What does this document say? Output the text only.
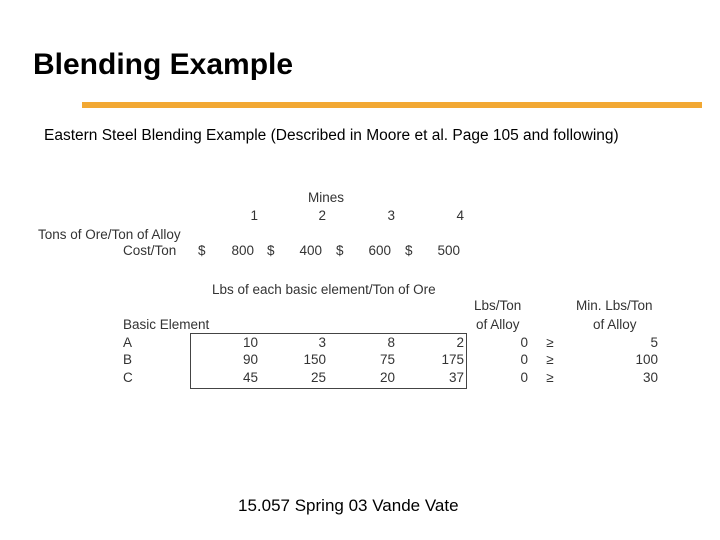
Blending Example
Eastern Steel Blending Example (Described in Moore et al. Page 105 and following)
Mines
1	2	3	4
Tons of Ore/Ton of Alloy
Cost/Ton $	800 $	400 $	600 $	500
Lbs of each basic element/Ton of Ore
Lbs/Ton
of Alloy
Min. Lbs/Ton
of Alloy
Basic Element
A	10	3	8	2	0	≥	5
B	90	150	75	175	0	≥	100
C	45	25	20	37	0	≥	30
15.057 Spring 03 Vande Vate
